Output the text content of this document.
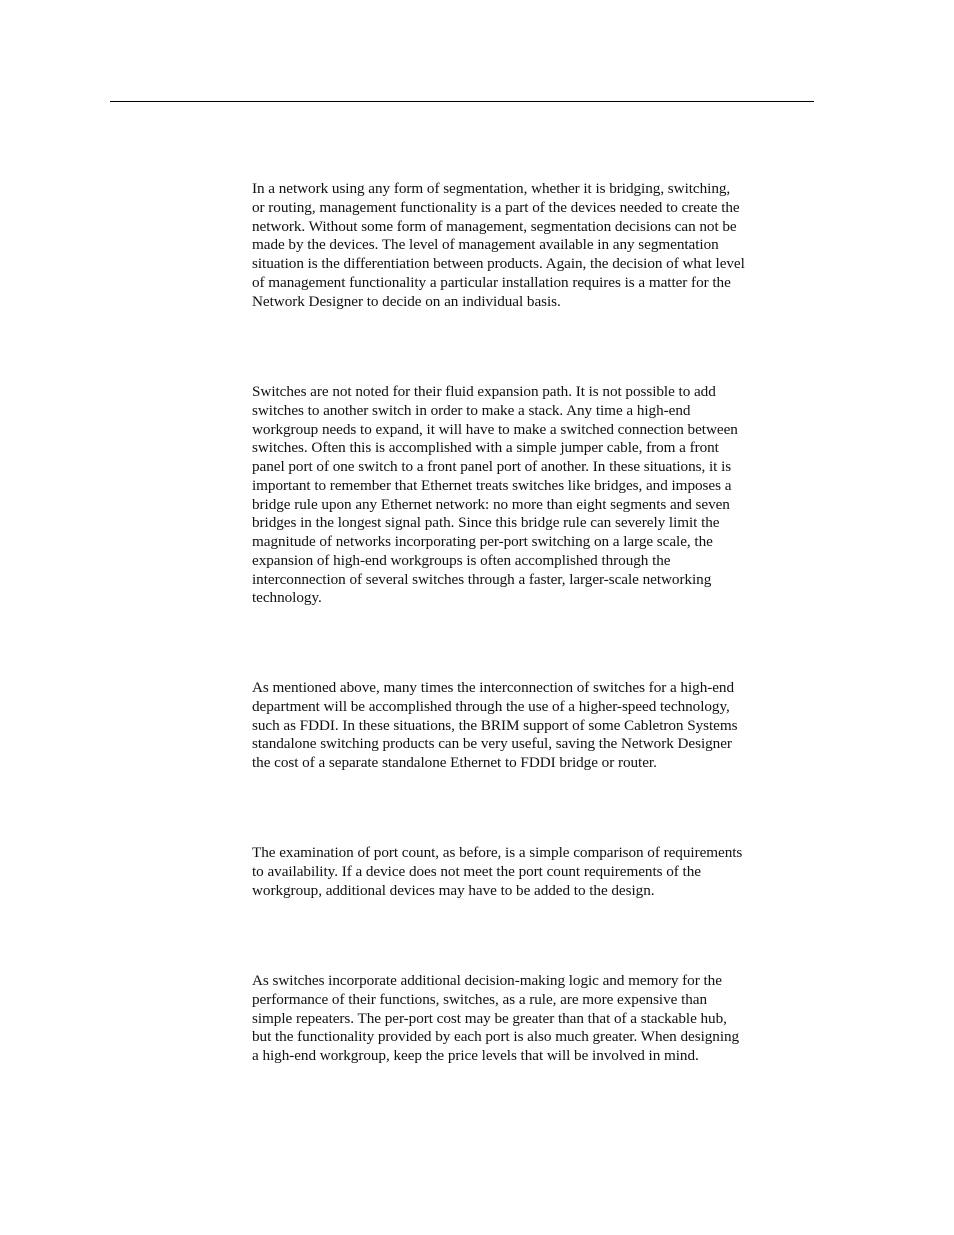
In a network using any form of segmentation, whether it is bridging, switching,
or routing, management functionality is a part of the devices needed to create the
network. Without some form of management, segmentation decisions can not be
made by the devices. The level of management available in any segmentation
situation is the differentiation between products. Again, the decision of what level
of management functionality a particular installation requires is a matter for the
Network Designer to decide on an individual basis.

Switches are not noted for their fluid expansion path. It is not possible to add
switches to another switch in order to make a stack. Any time a high-end
workgroup needs to expand, it will have to make a switched connection between
switches. Often this is accomplished with a simple jumper cable, from a front
panel port of one switch to a front panel port of another. In these situations, it is
important to remember that Ethernet treats switches like bridges, and imposes a
bridge rule upon any Ethernet network: no more than eight segments and seven
bridges in the longest signal path. Since this bridge rule can severely limit the
magnitude of networks incorporating per-port switching on a large scale, the
expansion of high-end workgroups is often accomplished through the
interconnection of several switches through a faster, larger-scale networking
technology.

As mentioned above, many times the interconnection of switches for a high-end
department will be accomplished through the use of a higher-speed technology,
such as FDDI. In these situations, the BRIM support of some Cabletron Systems
standalone switching products can be very useful, saving the Network Designer
the cost of a separate standalone Ethernet to FDDI bridge or router.

The examination of port count, as before, is a simple comparison of requirements
to availability. If a device does not meet the port count requirements of the
workgroup, additional devices may have to be added to the design.

As switches incorporate additional decision-making logic and memory for the
performance of their functions, switches, as a rule, are more expensive than
simple repeaters. The per-port cost may be greater than that of a stackable hub,
but the functionality provided by each port is also much greater. When designing
a high-end workgroup, keep the price levels that will be involved in mind.
